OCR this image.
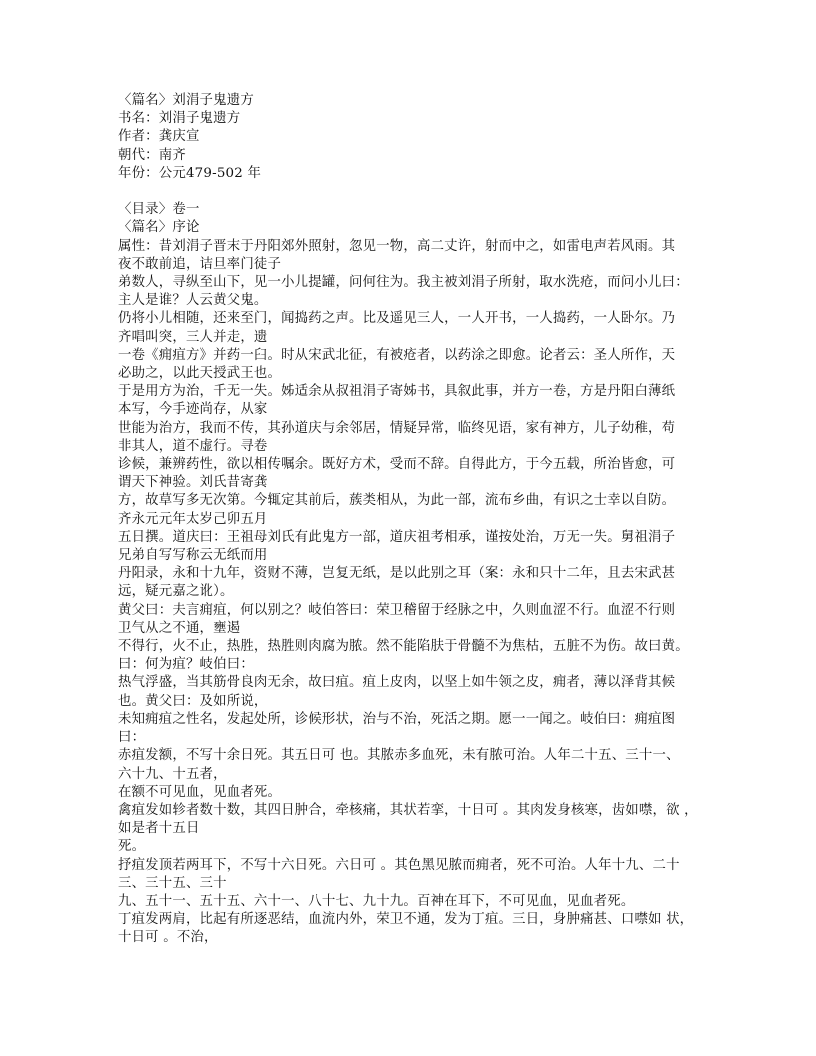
〈篇名〉刘涓子鬼遗方
书名：刘涓子鬼遗方
作者：龚庆宣
朝代：南齐
年份：公元479-502 年
〈目录〉卷一
〈篇名〉序论
属性：昔刘涓子晋末于丹阳郊外照射，忽见一物，高二丈许，射而中之，如雷电声若风雨。其
夜不敢前追，诘旦率门徒子
弟数人，寻纵至山下，见一小儿提罐，问何往为。我主被刘涓子所射，取水洗疮，而问小儿曰：
主人是谁？人云黄父鬼。
仍将小儿相随，还来至门，闻捣药之声。比及遥见三人，一人开书，一人捣药，一人卧尔。乃
齐唱叫突，三人并走，遗
一卷《痈疽方》并药一臼。时从宋武北征，有被疮者，以药涂之即愈。论者云：圣人所作，天
必助之，以此天授武王也。
于是用方为治，千无一失。姊适余从叔祖涓子寄姊书，具叙此事，并方一卷，方是丹阳白薄纸
本写，今手迹尚存，从家
世能为治方，我而不传，其孙道庆与余邻居，情疑异常，临终见语，家有神方，儿子幼稚，苟
非其人，道不虚行。寻卷
诊候，兼辨药性，欲以相传嘱余。既好方术，受而不辞。自得此方，于今五载，所治皆愈，可
谓天下神验。刘氏昔寄龚
方，故草写多无次第。今辄定其前后，蔟类相从，为此一部，流布乡曲，有识之士幸以自防。
齐永元元年太岁己卯五月
五日撰。道庆曰：王祖母刘氏有此鬼方一部，道庆祖考相承，谨按处治，万无一失。舅祖涓子
兄弟自写写称云无纸而用
丹阳录，永和十九年，资财不薄，岂复无纸，是以此别之耳（案：永和只十二年，且去宋武甚
远，疑元嘉之讹）。
黄父曰：夫言痈疽，何以别之？岐伯答曰：荣卫稽留于经脉之中，久则血涩不行。血涩不行则
卫气从之不通，壅遏
不得行，火不止，热胜，热胜则肉腐为脓。然不能陷肤于骨髓不为焦枯，五脏不为伤。故曰黄。
曰：何为疽？岐伯曰：
热气浮盛，当其筋骨良肉无余，故曰疽。疽上皮肉，以坚上如牛领之皮，痈者，薄以泽背其候
也。黄父曰：及如所说，
未知痈疽之性名，发起处所，诊候形状，治与不治，死活之期。愿一一闻之。岐伯曰：痈疽图
曰：
赤疽发额，不写十余日死。其五日可 也。其脓赤多血死，未有脓可治。人年二十五、三十一、
六十九、十五者，
在额不可见血，见血者死。
禽疽发如轸者数十数，其四日肿合，牵核痛，其状若挛，十日可 。其肉发身核寒，齿如噤，欲 ，
如是者十五日
死。
抒疽发顶若两耳下，不写十六日死。六日可 。其色黑见脓而痈者，死不可治。人年十九、二十
三、三十五、三十
九、五十一、五十五、六十一、八十七、九十九。百神在耳下，不可见血，见血者死。
丁疽发两肩，比起有所逐恶结，血流内外，荣卫不通，发为丁疽。三日，身肿痛甚、口噤如 状，
十日可 。不治，
